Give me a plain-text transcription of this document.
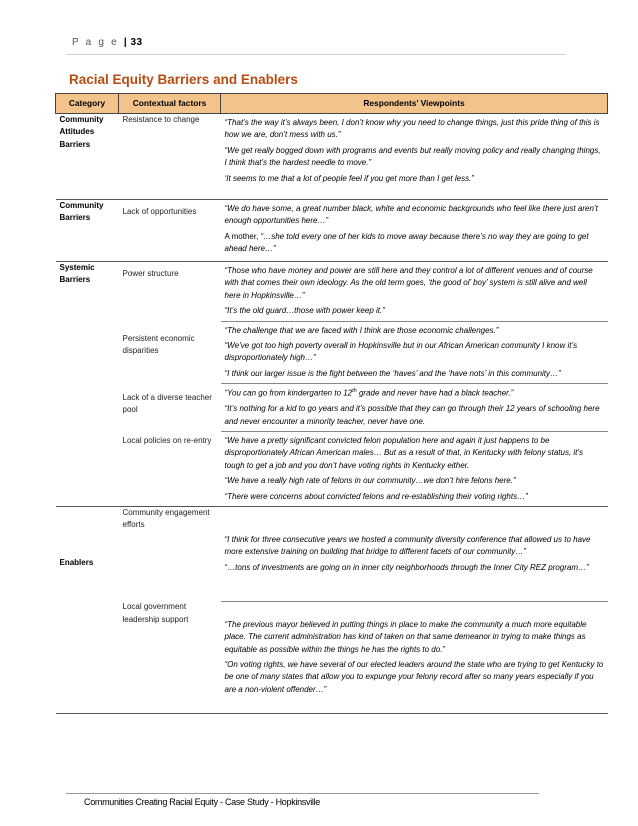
P a g e | 33
Racial Equity Barriers and Enablers
Category	Contextual factors	Respondents’ Viewpoints
Community Attitudes Barriers	Resistance to change	“That’s the way it’s always been, I don’t know why you need to change things, just this pride thing of this is how we are, don’t mess with us.”
“We get really bogged down with programs and events but really moving policy and really changing things, I think that’s the hardest needle to move.”
‘It seems to me that a lot of people feel if you get more than I get less.”

Community Barriers	Lack of opportunities	“We do have some, a great number black, white and economic backgrounds who feel like there just aren’t enough opportunities here…”
A mother, “…she told every one of her kids to move away because there’s no way they are going to get ahead here…”

Systemic Barriers	Power structure	“Those who have money and power are still here and they control a lot of different venues and of course with that comes their own ideology. As the old term goes, ‘the good ol’ boy’ system is still alive and well here in Hopkinsville…”
“It’s the old guard…those with power keep it.”

	Persistent economic disparities	“The challenge that we are faced with I think are those economic challenges.”
“We’ve got too high poverty overall in Hopkinsville but in our African American community I know it’s disproportionately high…”
“I think our larger issue is the fight between the ‘haves’ and the ‘have nots’ in this community…”

	Lack of a diverse teacher pool	“You can go from kindergarten to 12th grade and never have had a black teacher.”
“It’s nothing for a kid to go years and it’s possible that they can go through their 12 years of schooling here and never encounter a minority teacher, never have one.

	Local policies on re-entry	“We have a pretty significant convicted felon population here and again it just happens to be disproportionately African American males… But as a result of that, in Kentucky with felony status, it’s tough to get a job and you don’t have voting rights in Kentucky either.
“We have a really high rate of felons in our community…we don’t hire felons here.”
“There were concerns about convicted felons and re-establishing their voting rights…”

Enablers	Community engagement efforts	“I think for three consecutive years we hosted a community diversity conference that allowed us to have more extensive training on building that bridge to different facets of our community…”
“…tons of investments are going on in inner city neighborhoods through the Inner City REZ program…”

	Local government leadership support	“The previous mayor believed in putting things in place to make the community a much more equitable place. The current administration has kind of taken on that same demeanor in trying to make things as equitable as possible within the things he has the rights to do.”
“On voting rights, we have several of our elected leaders around the state who are trying to get Kentucky to be one of many states that allow you to expunge your felony record after so many years especially if you are a non-violent offender…”
Communities Creating Racial Equity - Case Study - Hopkinsville
